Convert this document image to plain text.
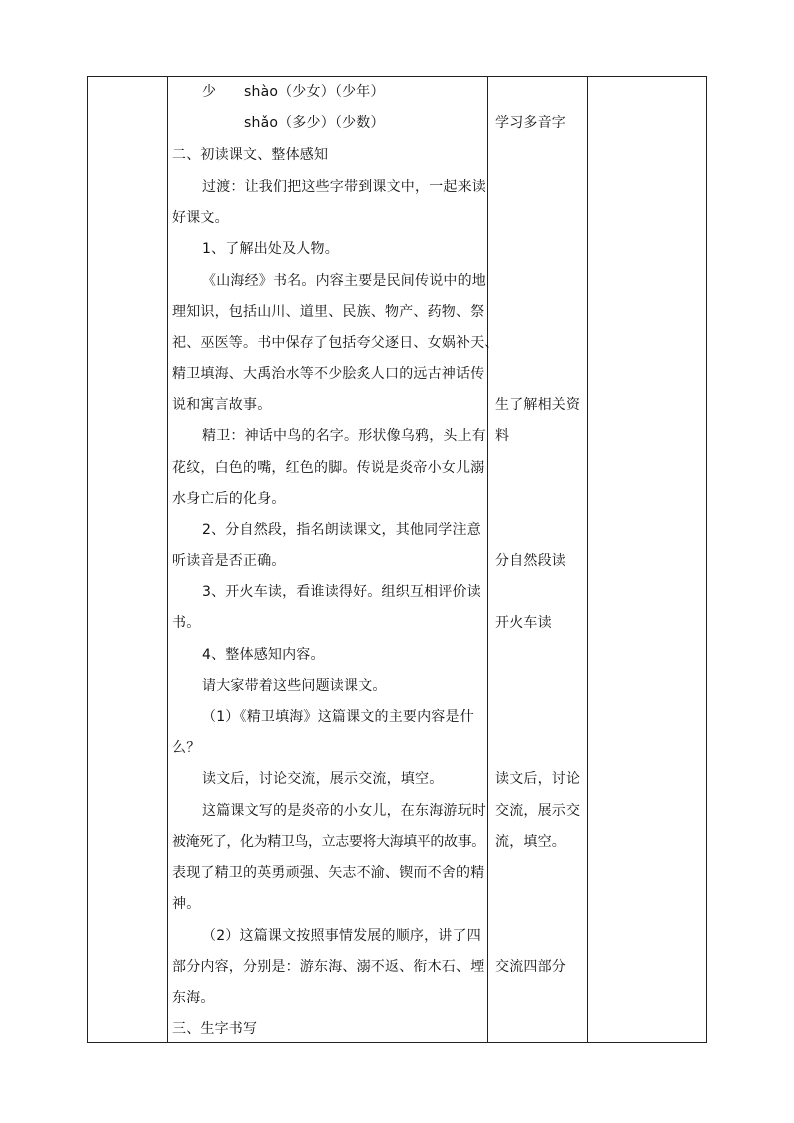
少 shào（少女）（少年）
shǎo（多少）（少数）
二、初读课文、整体感知
过渡：让我们把这些字带到课文中，一起来读
好课文。
1、了解出处及人物。
《山海经》书名。内容主要是民间传说中的地
理知识，包括山川、道里、民族、物产、药物、祭
祀、巫医等。书中保存了包括夸父逐日、女娲补天、
精卫填海、大禹治水等不少脍炙人口的远古神话传
说和寓言故事。
精卫：神话中鸟的名字。形状像乌鸦，头上有
花纹，白色的嘴，红色的脚。传说是炎帝小女儿溺
水身亡后的化身。
2、分自然段，指名朗读课文，其他同学注意
听读音是否正确。
3、开火车读，看谁读得好。组织互相评价读
书。
4、整体感知内容。
请大家带着这些问题读课文。
（1）《精卫填海》这篇课文的主要内容是什
么？
读文后，讨论交流，展示交流，填空。
这篇课文写的是炎帝的小女儿，在东海游玩时
被淹死了，化为精卫鸟，立志要将大海填平的故事。
表现了精卫的英勇顽强、矢志不渝、锲而不舍的精
神。
（2）这篇课文按照事情发展的顺序，讲了四
部分内容，分别是：游东海、溺不返、衔木石、堙
东海。
三、生字书写
学习多音字
生了解相关资
料
分自然段读
开火车读
读文后，讨论
交流，展示交
流，填空。
交流四部分
